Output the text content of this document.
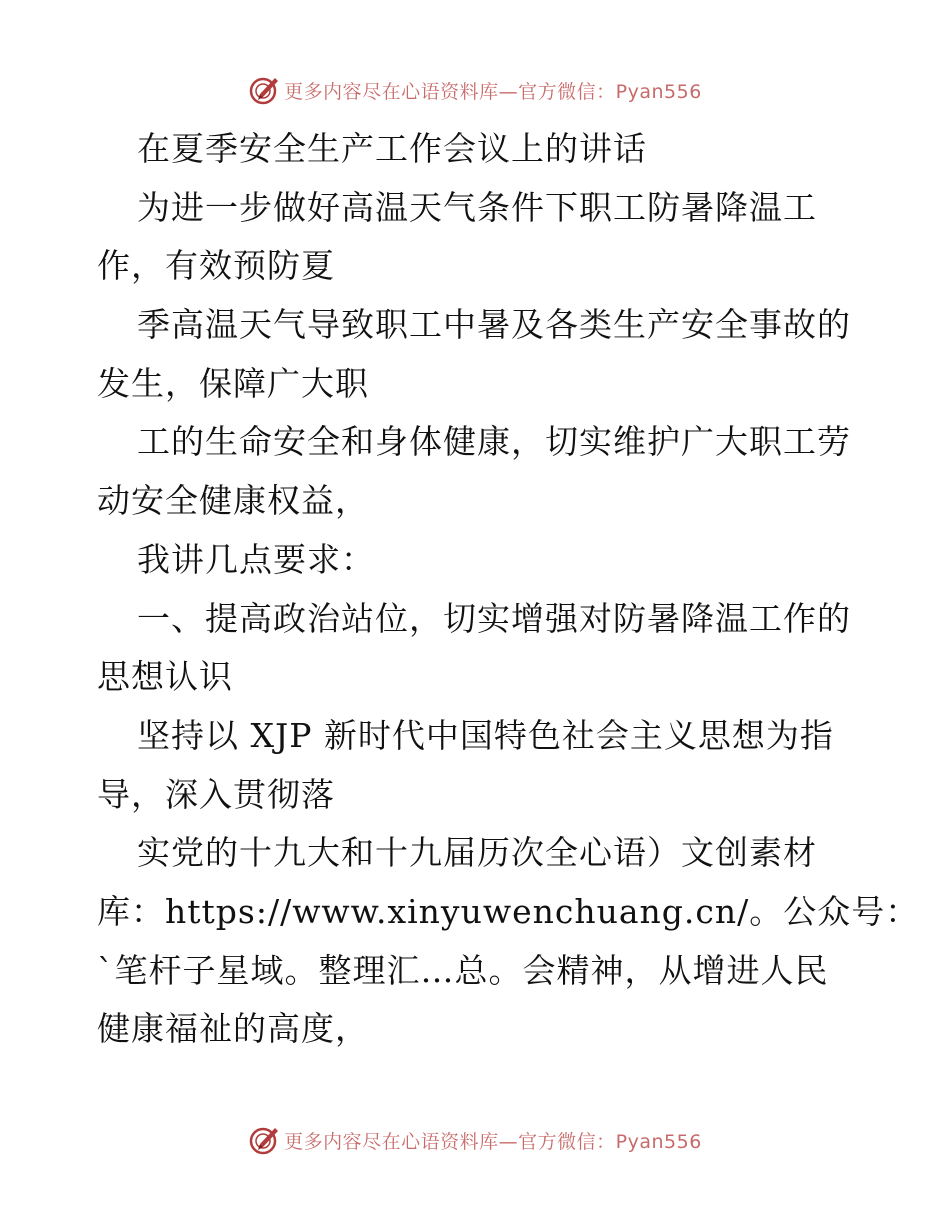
更多内容尽在心语资料库—官方微信：Pyan556
在夏季安全生产工作会议上的讲话
为进一步做好高温天气条件下职工防暑降温工
作，有效预防夏
季高温天气导致职工中暑及各类生产安全事故的
发生，保障广大职
工的生命安全和身体健康，切实维护广大职工劳
动安全健康权益，
我讲几点要求：
一、提高政治站位，切实增强对防暑降温工作的
思想认识
坚持以 XJP 新时代中国特色社会主义思想为指
导，深入贯彻落
实党的十九大和十九届历次全心语）文创素材
库：https://www.xinyuwenchuang.cn/。公众号：
`笔杆子星域。整理汇…总。会精神，从增进人民
健康福祉的高度，
更多内容尽在心语资料库—官方微信：Pyan556
